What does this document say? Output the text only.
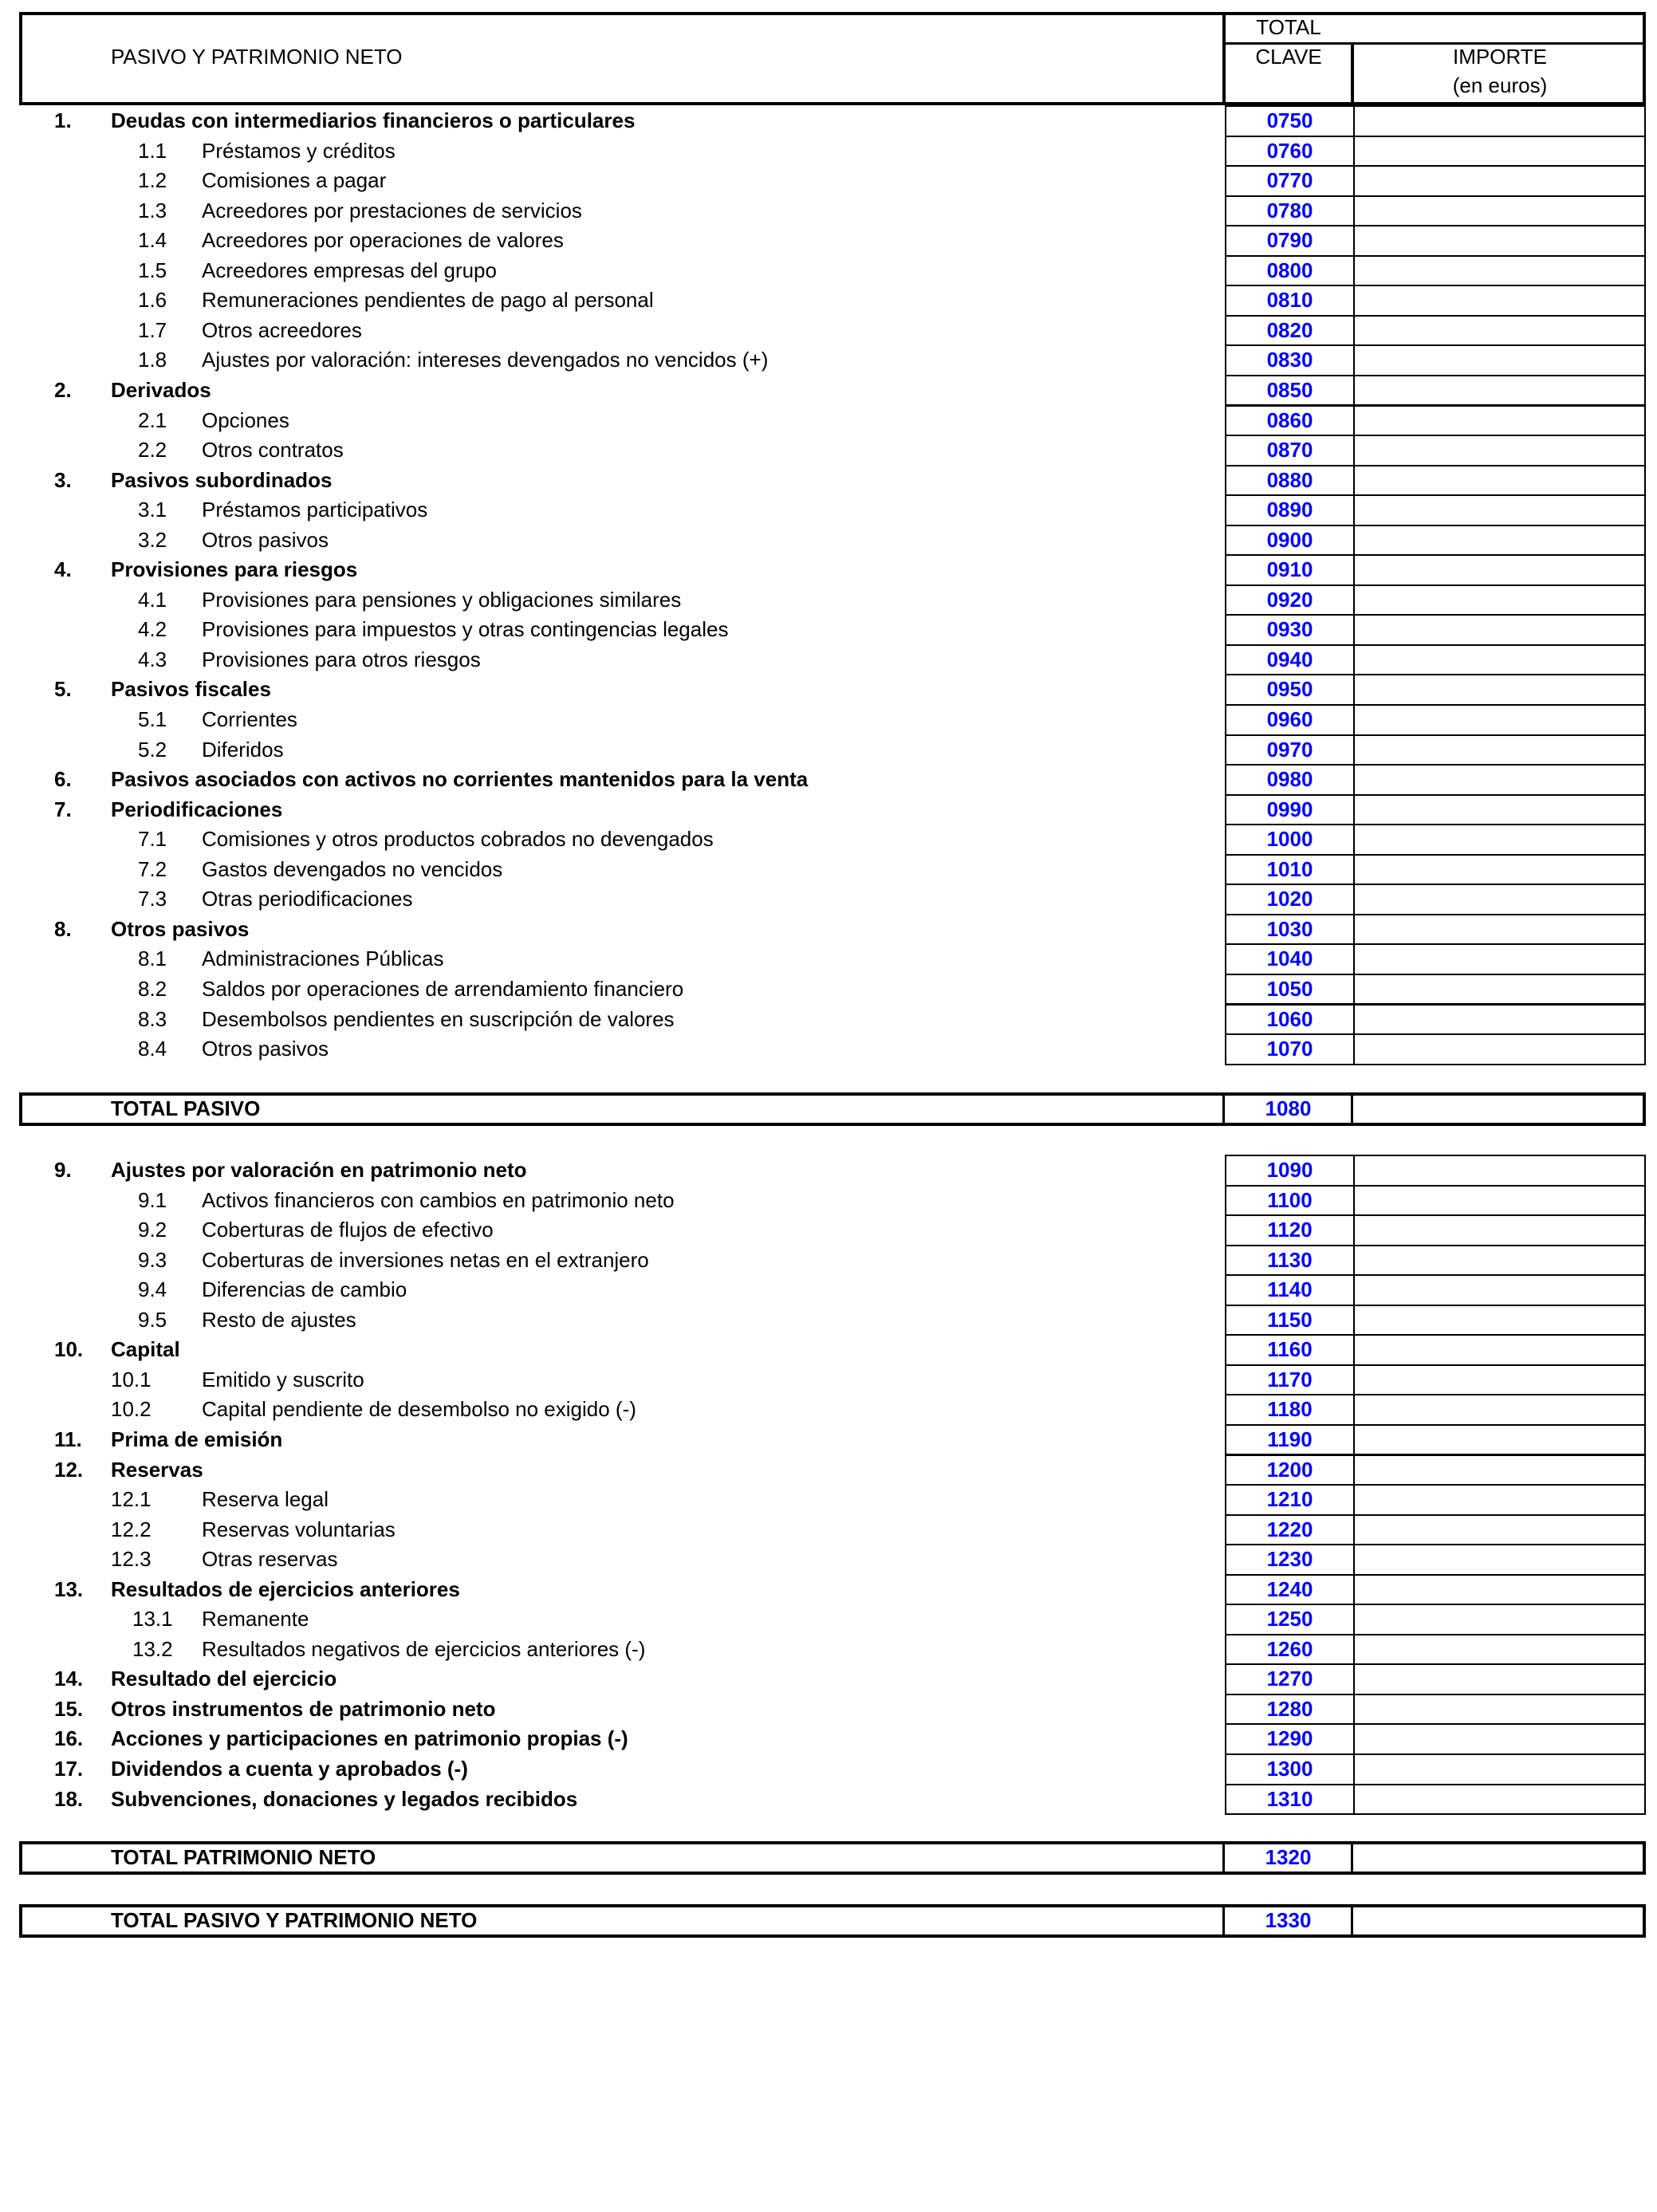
PASIVO Y PATRIMONIO NETO
TOTAL
CLAVE	IMPORTE
(en euros)
1. Deudas con intermediarios financieros o particulares	0750
1.1 Préstamos y créditos	0760
1.2 Comisiones a pagar	0770
1.3 Acreedores por prestaciones de servicios	0780
1.4 Acreedores por operaciones de valores	0790
1.5 Acreedores empresas del grupo	0800
1.6 Remuneraciones pendientes de pago al personal	0810
1.7 Otros acreedores	0820
1.8 Ajustes por valoración: intereses devengados no vencidos (+)	0830
2. Derivados	0850
2.1 Opciones	0860
2.2 Otros contratos	0870
3. Pasivos subordinados	0880
3.1 Préstamos participativos	0890
3.2 Otros pasivos	0900
4. Provisiones para riesgos	0910
4.1 Provisiones para pensiones y obligaciones similares	0920
4.2 Provisiones para impuestos y otras contingencias legales	0930
4.3 Provisiones para otros riesgos	0940
5. Pasivos fiscales	0950
5.1 Corrientes	0960
5.2 Diferidos	0970
6. Pasivos asociados con activos no corrientes mantenidos para la venta	0980
7. Periodificaciones	0990
7.1 Comisiones y otros productos cobrados no devengados	1000
7.2 Gastos devengados no vencidos	1010
7.3 Otras periodificaciones	1020
8. Otros pasivos	1030
8.1 Administraciones Públicas	1040
8.2 Saldos por operaciones de arrendamiento financiero	1050
8.3 Desembolsos pendientes en suscripción de valores	1060
8.4 Otros pasivos	1070
TOTAL PASIVO	1080
9. Ajustes por valoración en patrimonio neto	1090
9.1 Activos financieros con cambios en patrimonio neto	1100
9.2 Coberturas de flujos de efectivo	1120
9.3 Coberturas de inversiones netas en el extranjero	1130
9.4 Diferencias de cambio	1140
9.5 Resto de ajustes	1150
10. Capital	1160
10.1 Emitido y suscrito	1170
10.2 Capital pendiente de desembolso no exigido (-)	1180
11. Prima de emisión	1190
12. Reservas	1200
12.1 Reserva legal	1210
12.2 Reservas voluntarias	1220
12.3 Otras reservas	1230
13. Resultados de ejercicios anteriores	1240
13.1 Remanente	1250
13.2 Resultados negativos de ejercicios anteriores (-)	1260
14. Resultado del ejercicio	1270
15. Otros instrumentos de patrimonio neto	1280
16. Acciones y participaciones en patrimonio propias (-)	1290
17. Dividendos a cuenta y aprobados (-)	1300
18. Subvenciones, donaciones y legados recibidos	1310
TOTAL PATRIMONIO NETO	1320
TOTAL PASIVO Y PATRIMONIO NETO	1330
